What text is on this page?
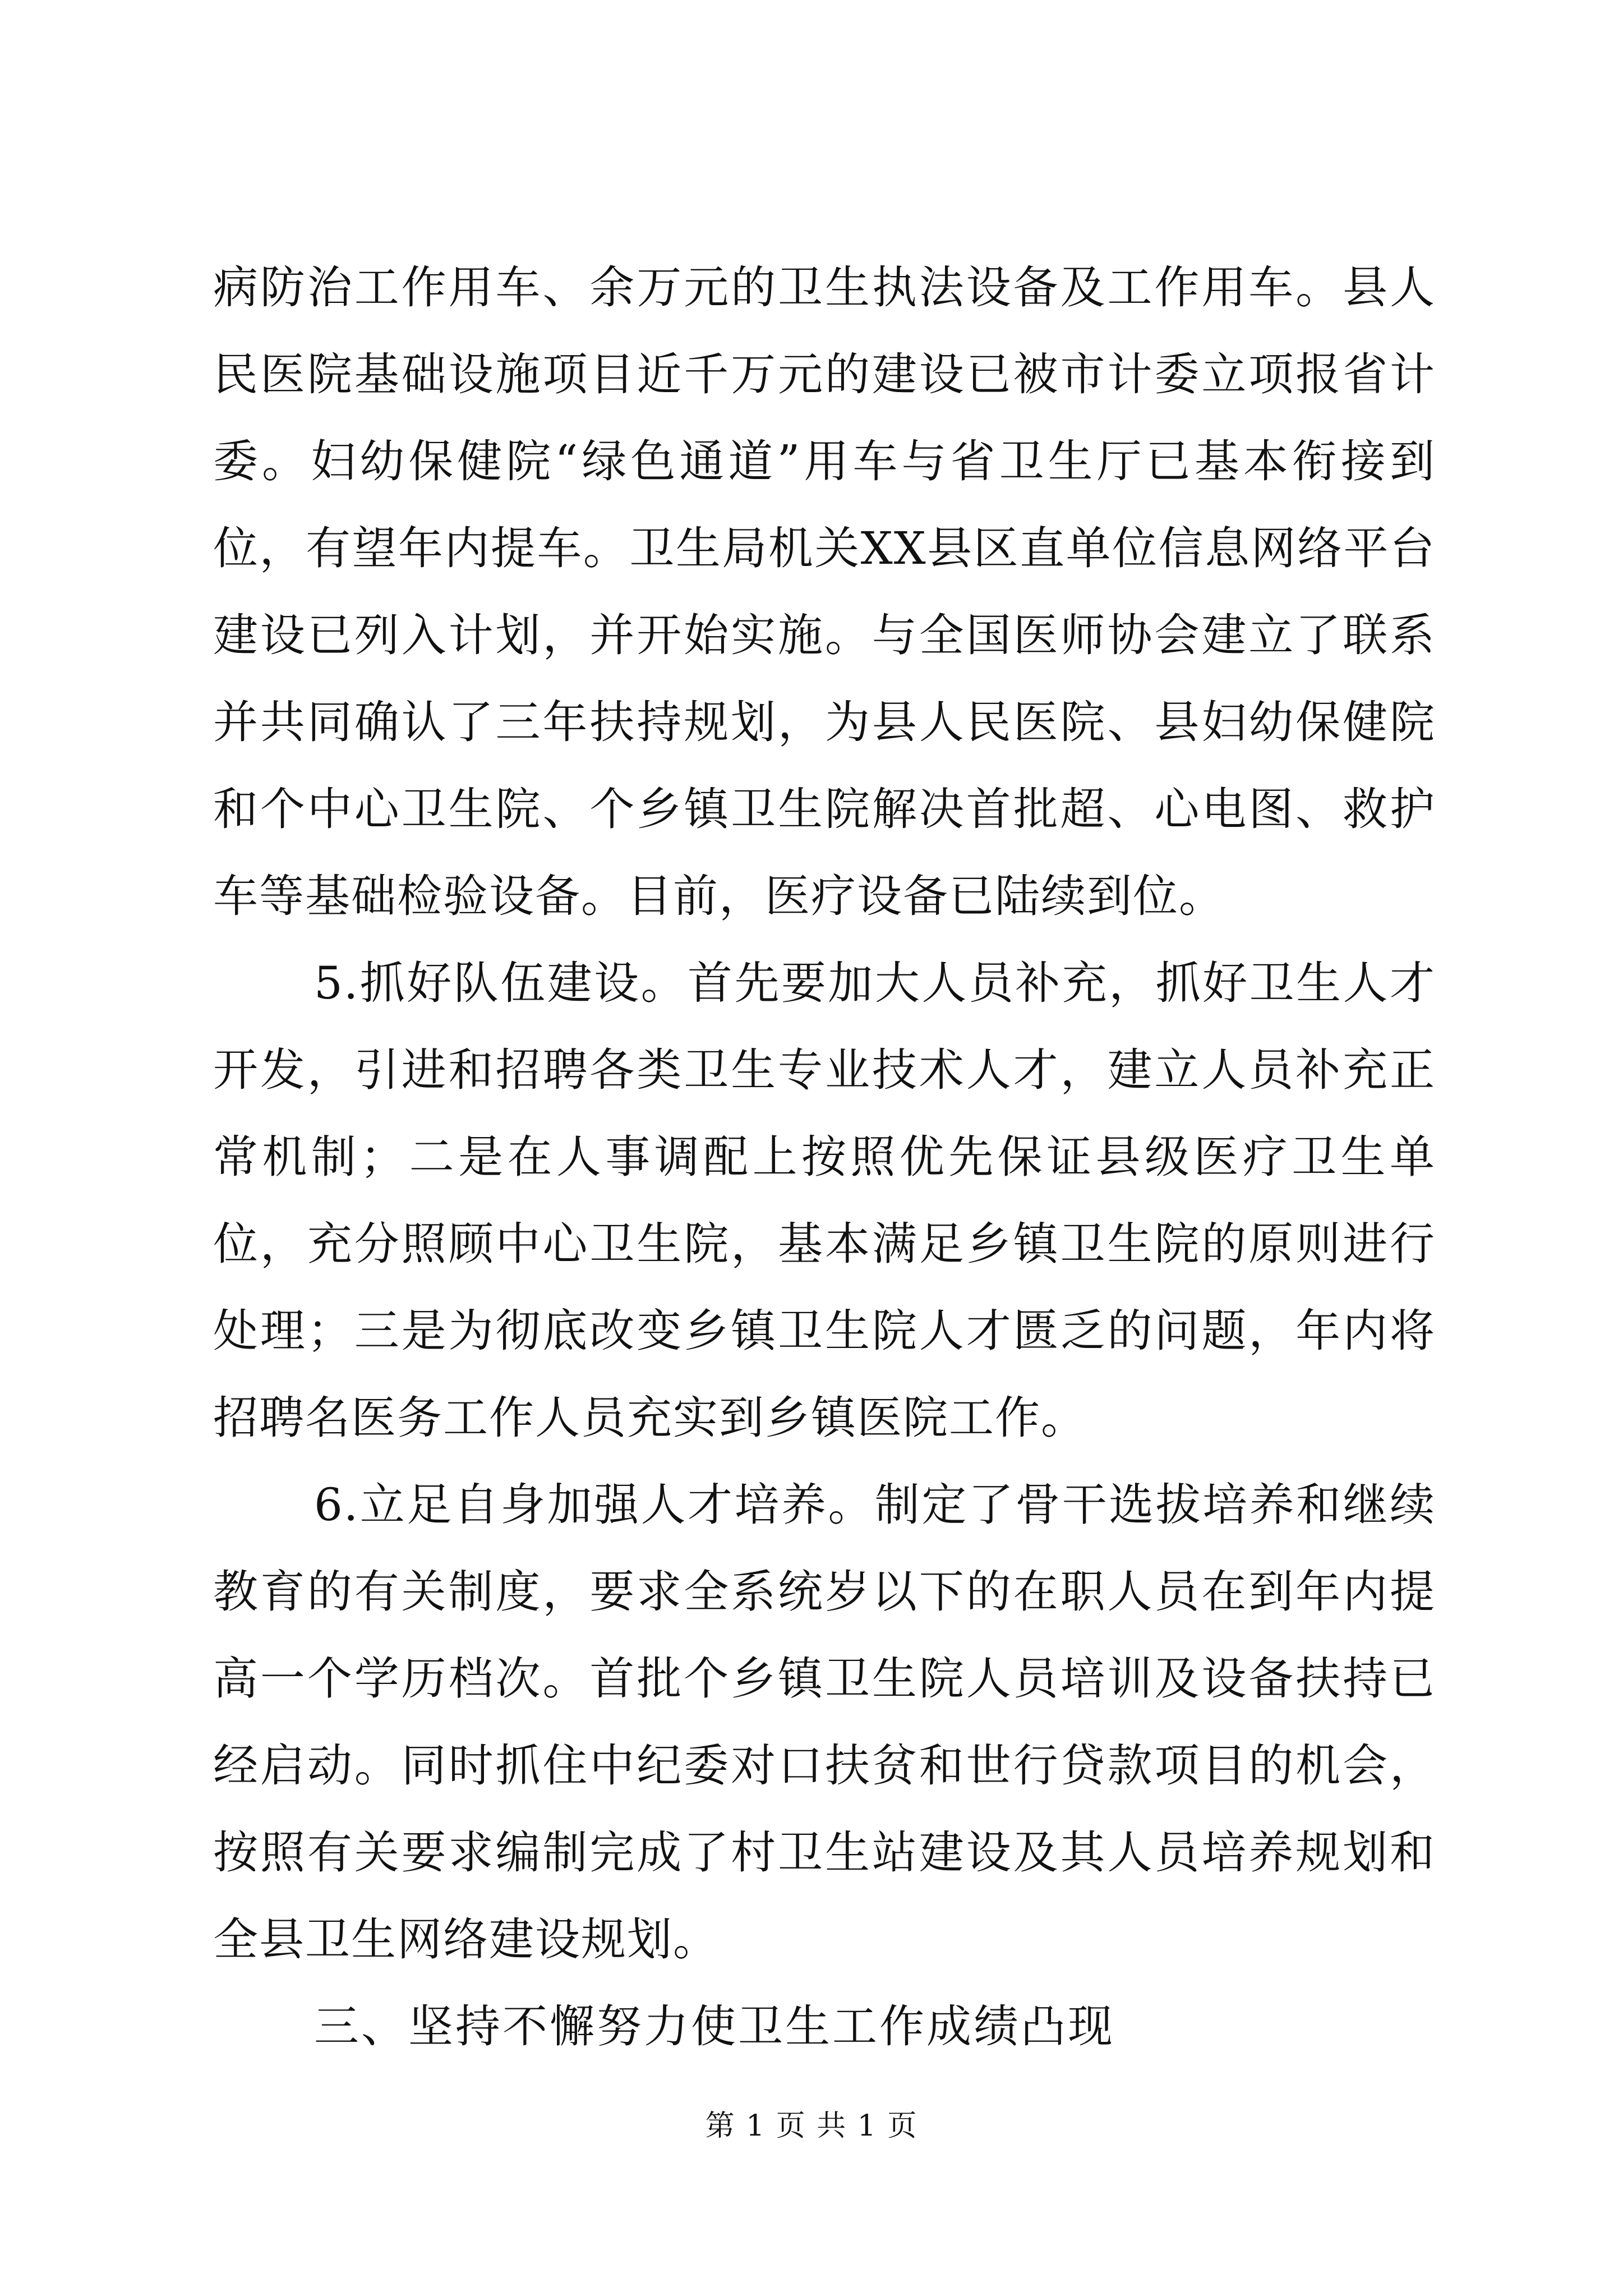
病防治工作用车、余万元的卫生执法设备及工作用车。县人民医院基础设施项目近千万元的建设已被市计委立项报省计委。妇幼保健院“绿色通道”用车与省卫生厅已基本衔接到位，有望年内提车。卫生局机关XX县区直单位信息网络平台建设已列入计划，并开始实施。与全国医师协会建立了联系并共同确认了三年扶持规划，为县人民医院、县妇幼保健院和个中心卫生院、个乡镇卫生院解决首批超、心电图、救护车等基础检验设备。目前，医疗设备已陆续到位。

5.抓好队伍建设。首先要加大人员补充，抓好卫生人才开发，引进和招聘各类卫生专业技术人才，建立人员补充正常机制；二是在人事调配上按照优先保证县级医疗卫生单位，充分照顾中心卫生院，基本满足乡镇卫生院的原则进行处理；三是为彻底改变乡镇卫生院人才匮乏的问题，年内将招聘名医务工作人员充实到乡镇医院工作。

6.立足自身加强人才培养。制定了骨干选拔培养和继续教育的有关制度，要求全系统岁以下的在职人员在到年内提高一个学历档次。首批个乡镇卫生院人员培训及设备扶持已经启动。同时抓住中纪委对口扶贫和世行贷款项目的机会，按照有关要求编制完成了村卫生站建设及其人员培养规划和全县卫生网络建设规划。

三、坚持不懈努力使卫生工作成绩凸现

第 1 页 共 1 页
